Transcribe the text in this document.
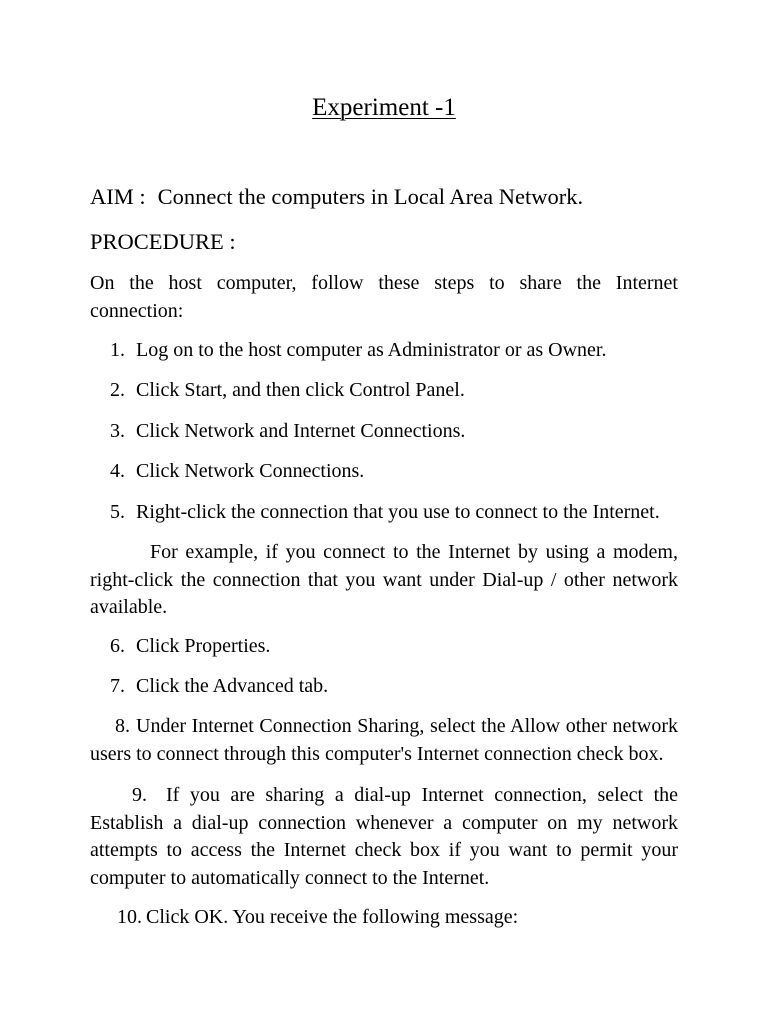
Experiment -1
AIM : Connect the computers in Local Area Network.
PROCEDURE :
On the host computer, follow these steps to share the Internet
connection:
1. Log on to the host computer as Administrator or as Owner.
2. Click Start, and then click Control Panel.
3. Click Network and Internet Connections.
4. Click Network Connections.
5. Right-click the connection that you use to connect to the Internet.
For example, if you connect to the Internet by using a modem,
right-click the connection that you want under Dial-up / other network
available.
6. Click Properties.
7. Click the Advanced tab.
8. Under Internet Connection Sharing, select the Allow other network
users to connect through this computer's Internet connection check box.
9. If you are sharing a dial-up Internet connection, select the
Establish a dial-up connection whenever a computer on my network
attempts to access the Internet check box if you want to permit your
computer to automatically connect to the Internet.
10. Click OK. You receive the following message:
